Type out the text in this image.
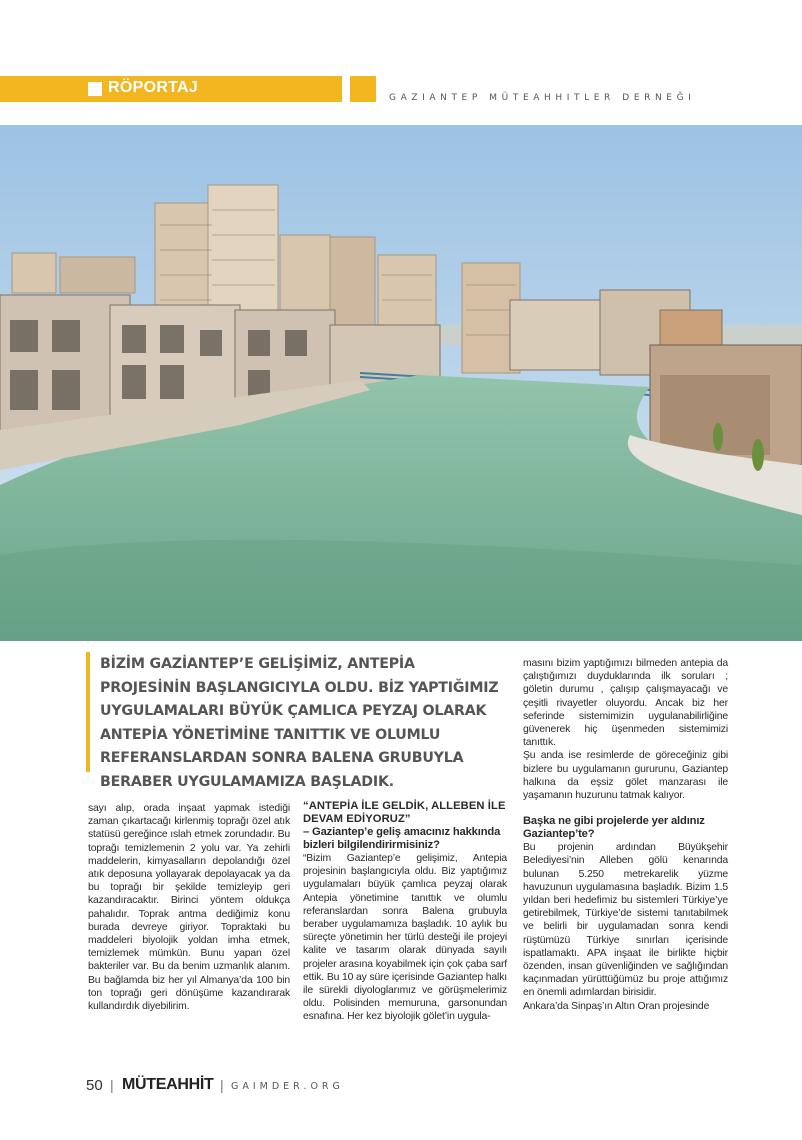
RÖPORTAJ
GAZIANTEP MÜTEAHHITLER DERNEĞI

BİZİM GAZİANTEP’E GELİŞİMİZ, ANTEPİA PROJESİNİN BAŞLANGICIYLA OLDU. BİZ YAPTIĞIMIZ UYGULAMALARI BÜYÜK ÇAMLICA PEYZAJ OLARAK ANTEPİA YÖNETİMİNE TANITTIK VE OLUMLU REFERANSLARDAN SONRA BALENA GRUBUYLA BERABER UYGULAMAMIZA BAŞLADIK.

sayı alıp, orada inşaat yapmak istediği zaman çıkartacağı kirlenmiş toprağı özel atık statüsü gereğince ıslah etmek zorundadır. Bu toprağı temizlemenin 2 yolu var. Ya zehirli maddelerin, kimyasalların depolandığı özel atık deposuna yollayarak depolayacak ya da bu toprağı bir şekilde temizleyip geri kazandıracaktır. Birinci yöntem oldukça pahalıdır. Toprak antma dediğimiz konu burada devreye giriyor. Topraktaki bu maddeleri biyolojik yoldan imha etmek, temizlemek mümkün. Bunu yapan özel bakteriler var. Bu da benim uzmanlık alanım. Bu bağlamda biz her yıl Almanya’da 100 bin ton toprağı geri dönüşüme kazandırarak kullandırdık diyebilirim.

“ANTEPİA İLE GELDİK, ALLEBEN İLE DEVAM EDİYORUZ”

– Gaziantep’e geliş amacınız hakkında bizleri bilgilendirirmisiniz?

“Bizim Gaziantep’e gelişimiz, Antepia projesinin başlangıcıyla oldu. Biz yaptığımız uygulamaları büyük çamlıca peyzaj olarak Antepia yönetimine tanıttık ve olumlu referanslardan sonra Balena grubuyla beraber uygulamamıza başladık. 10 aylık bu süreçte yönetimin her türlü desteği ile projeyi kalite ve tasarım olarak dünyada sayılı projeler arasına koyabilmek için çok çaba sarf ettik. Bu 10 ay süre içerisinde Gaziantep halkı ile sürekli diyologlarımız ve görüşmelerimiz oldu. Polisinden memuruna, garsonundan esnafına. Her kez biyolojik gölet’in uygula-

masını bizim yaptığımızı bilmeden antepia da çalıştığımızı duyduklarında ilk soruları ; göletin durumu , çalışıp çalışmayacağı ve çeşitli rivayetler oluyordu. Ancak biz her seferinde sistemimizin uygulanabilirliğine güvenerek hiç üşenmeden sistemimizi tanıttık.

Şu anda ise resimlerde de göreceğiniz gibi bizlere bu uygulamanın gururunu, Gaziantep halkına da eşsiz gölet manzarası ile yaşamanın huzurunu tatmak kalıyor.

Başka ne gibi projelerde yer aldınız Gaziantep’te?

Bu projenin ardından Büyükşehir Belediyesi’nin Alleben gölü kenarında bulunan 5.250 metrekarelik yüzme havuzunun uygulamasına başladık. Bizim 1.5 yıldan beri hedefimiz bu sistemleri Türkiye’ye getirebilmek, Türkiye’de sistemi tanıtabilmek ve belirli bir uygulamadan sonra kendi rüştümüzü Türkiye sınırları içerisinde ispatlamaktı. APA inşaat ile birlikte hiçbir özenden, insan güvenliğinden ve sağlığından kaçınmadan yürüttüğümüz bu proje attığımız en önemli adımlardan birisidir.

Ankara’da Sinpaş’ın Altın Oran projesinde

50 | MÜTEAHHİT | GAIMDER.ORG
